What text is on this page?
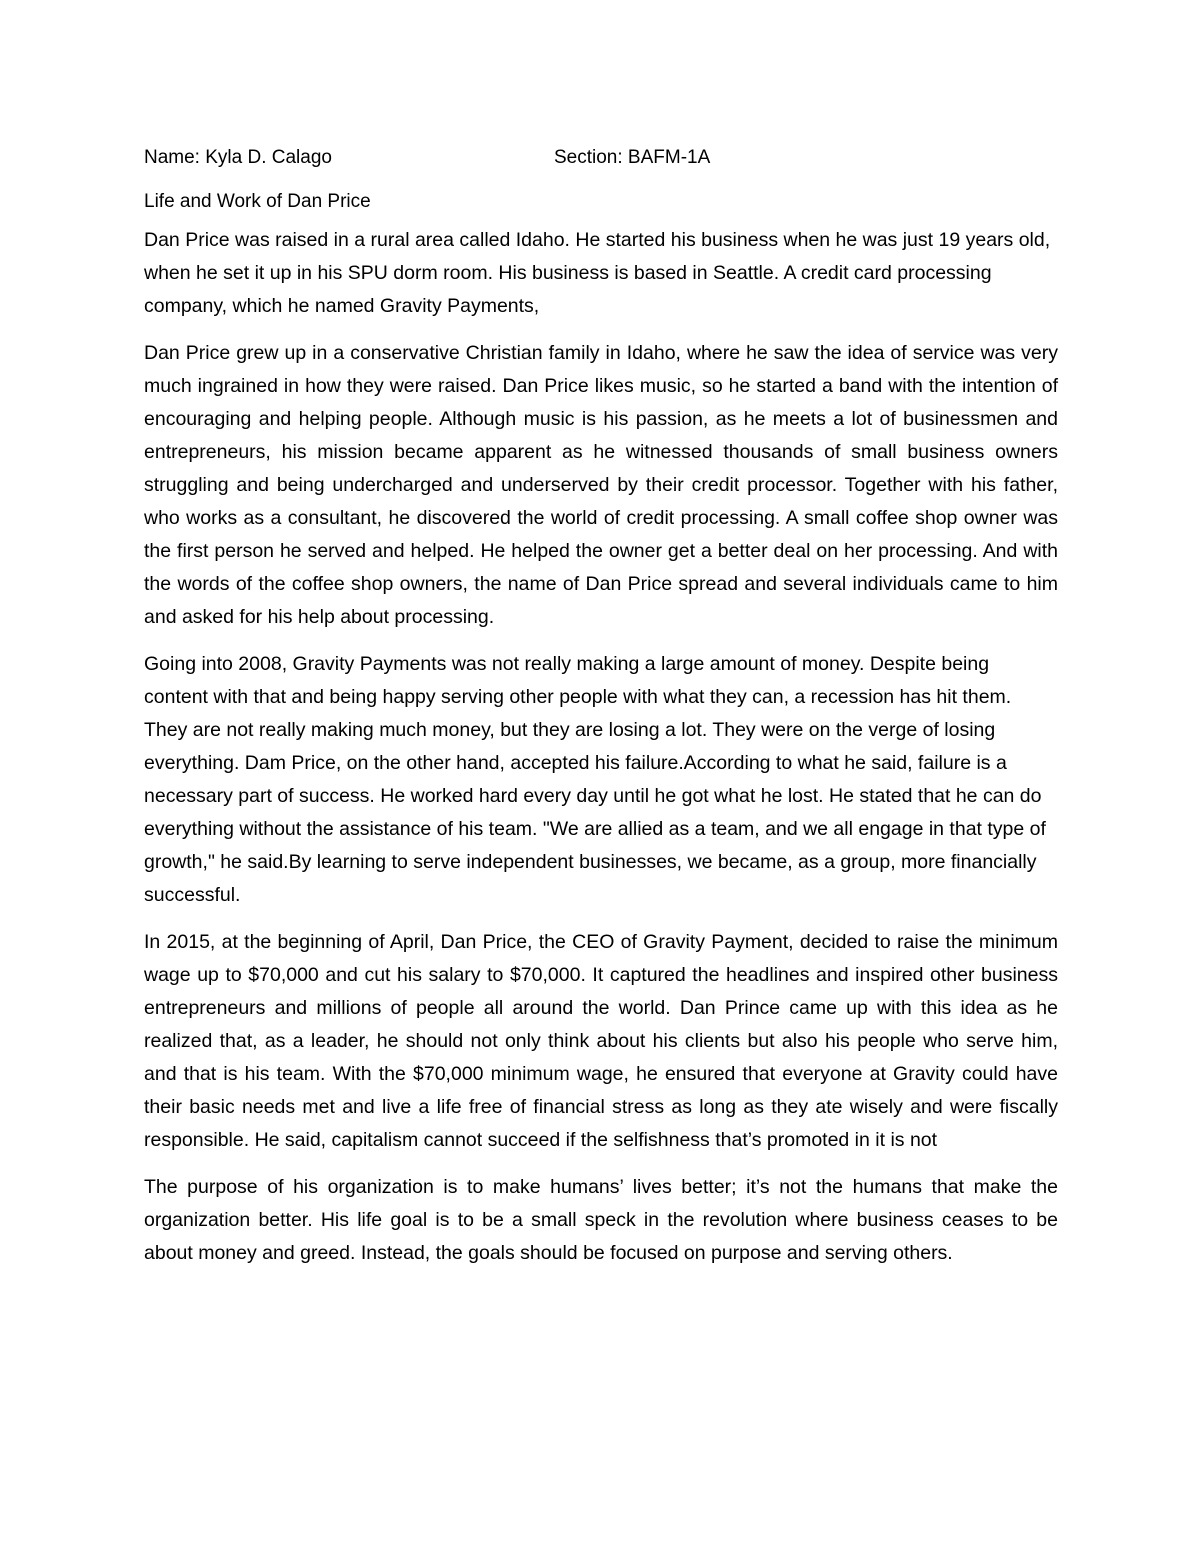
Name: Kyla D. Calago	Section: BAFM-1A
Life and Work of Dan Price

Dan Price was raised in a rural area called Idaho. He started his business when he was just 19 years old, when he set it up in his SPU dorm room. His business is based in Seattle. A credit card processing company, which he named Gravity Payments,

Dan Price grew up in a conservative Christian family in Idaho, where he saw the idea of service was very much ingrained in how they were raised. Dan Price likes music, so he started a band with the intention of encouraging and helping people. Although music is his passion, as he meets a lot of businessmen and entrepreneurs, his mission became apparent as he witnessed thousands of small business owners struggling and being undercharged and underserved by their credit processor. Together with his father, who works as a consultant, he discovered the world of credit processing. A small coffee shop owner was the first person he served and helped. He helped the owner get a better deal on her processing. And with the words of the coffee shop owners, the name of Dan Price spread and several individuals came to him and asked for his help about processing.

Going into 2008, Gravity Payments was not really making a large amount of money. Despite being content with that and being happy serving other people with what they can, a recession has hit them. They are not really making much money, but they are losing a lot. They were on the verge of losing everything. Dam Price, on the other hand, accepted his failure.According to what he said, failure is a necessary part of success. He worked hard every day until he got what he lost. He stated that he can do everything without the assistance of his team. "We are allied as a team, and we all engage in that type of growth," he said.By learning to serve independent businesses, we became, as a group, more financially successful.

In 2015, at the beginning of April, Dan Price, the CEO of Gravity Payment, decided to raise the minimum wage up to $70,000 and cut his salary to $70,000. It captured the headlines and inspired other business entrepreneurs and millions of people all around the world. Dan Prince came up with this idea as he realized that, as a leader, he should not only think about his clients but also his people who serve him, and that is his team. With the $70,000 minimum wage, he ensured that everyone at Gravity could have their basic needs met and live a life free of financial stress as long as they ate wisely and were fiscally responsible. He said, capitalism cannot succeed if the selfishness that’s promoted in it is not

The purpose of his organization is to make humans’ lives better; it’s not the humans that make the organization better. His life goal is to be a small speck in the revolution where business ceases to be about money and greed. Instead, the goals should be focused on purpose and serving others.
